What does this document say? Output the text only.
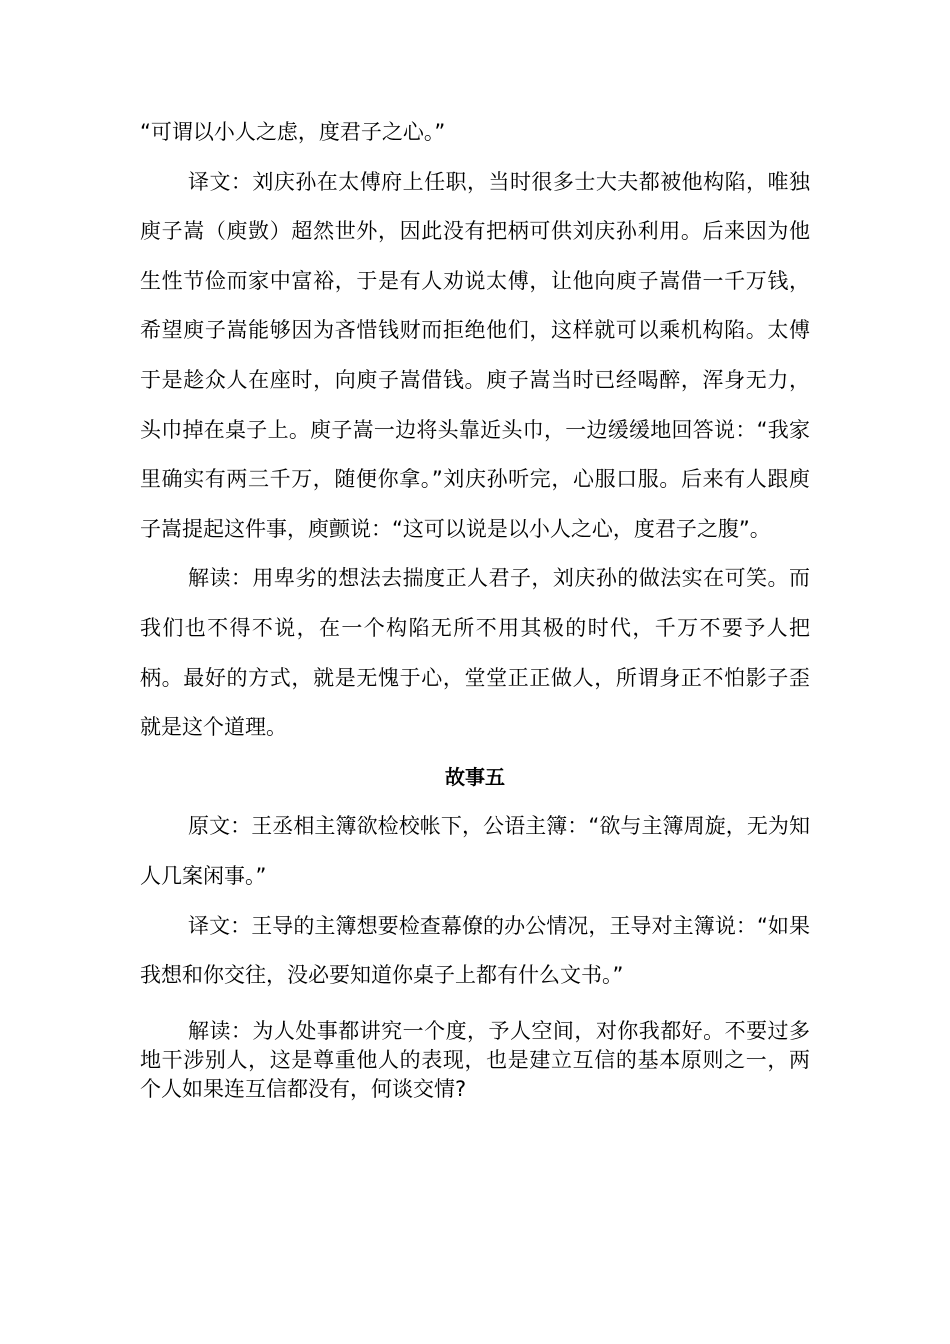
“可谓以小人之虑，度君子之心。”

译文：刘庆孙在太傅府上任职，当时很多士大夫都被他构陷，唯独庾子嵩（庾敳）超然世外，因此没有把柄可供刘庆孙利用。后来因为他生性节俭而家中富裕，于是有人劝说太傅，让他向庾子嵩借一千万钱，希望庾子嵩能够因为吝惜钱财而拒绝他们，这样就可以乘机构陷。太傅于是趁众人在座时，向庾子嵩借钱。庾子嵩当时已经喝醉，浑身无力，头巾掉在桌子上。庾子嵩一边将头靠近头巾，一边缓缓地回答说：“我家里确实有两三千万，随便你拿。”刘庆孙听完，心服口服。后来有人跟庾子嵩提起这件事，庾颤说：“这可以说是以小人之心，度君子之腹”。

解读：用卑劣的想法去揣度正人君子，刘庆孙的做法实在可笑。而我们也不得不说，在一个构陷无所不用其极的时代，千万不要予人把柄。最好的方式，就是无愧于心，堂堂正正做人，所谓身正不怕影子歪就是这个道理。

故事五

原文：王丞相主簿欲检校帐下，公语主簿：“欲与主簿周旋，无为知人几案闲事。”

译文：王导的主簿想要检查幕僚的办公情况，王导对主簿说：“如果我想和你交往，没必要知道你桌子上都有什么文书。”

解读：为人处事都讲究一个度，予人空间，对你我都好。不要过多地干涉别人，这是尊重他人的表现，也是建立互信的基本原则之一，两个人如果连互信都没有，何谈交情?
